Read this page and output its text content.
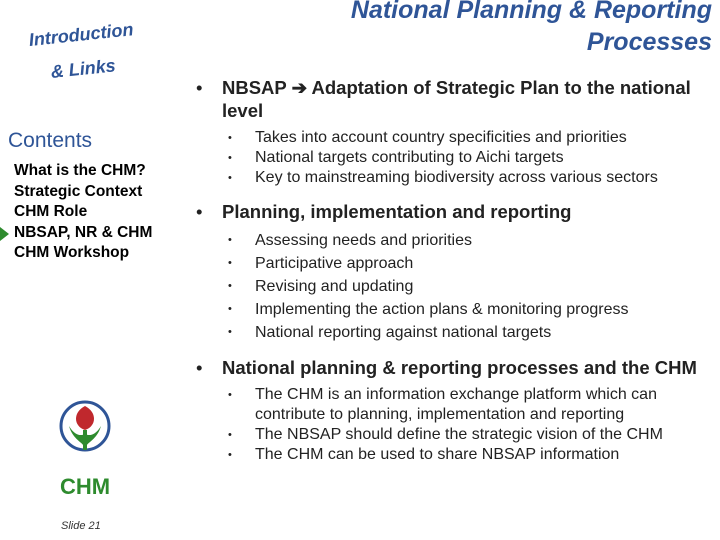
National Planning & Reporting
Processes
Introduction
& Links
Contents
What is the CHM?
Strategic Context
CHM Role
NBSAP, NR & CHM
CHM Workshop
CHM
Slide 21
• NBSAP ➔ Adaptation of Strategic Plan to the national level
• Takes into account country specificities and priorities
• National targets contributing to Aichi targets
• Key to mainstreaming biodiversity across various sectors
• Planning, implementation and reporting
• Assessing needs and priorities
• Participative approach
• Revising and updating
• Implementing the action plans & monitoring progress
• National reporting against national targets
• National planning & reporting processes and the CHM
• The CHM is an information exchange platform which can contribute to planning, implementation and reporting
• The NBSAP should define the strategic vision of the CHM
• The CHM can be used to share NBSAP information
